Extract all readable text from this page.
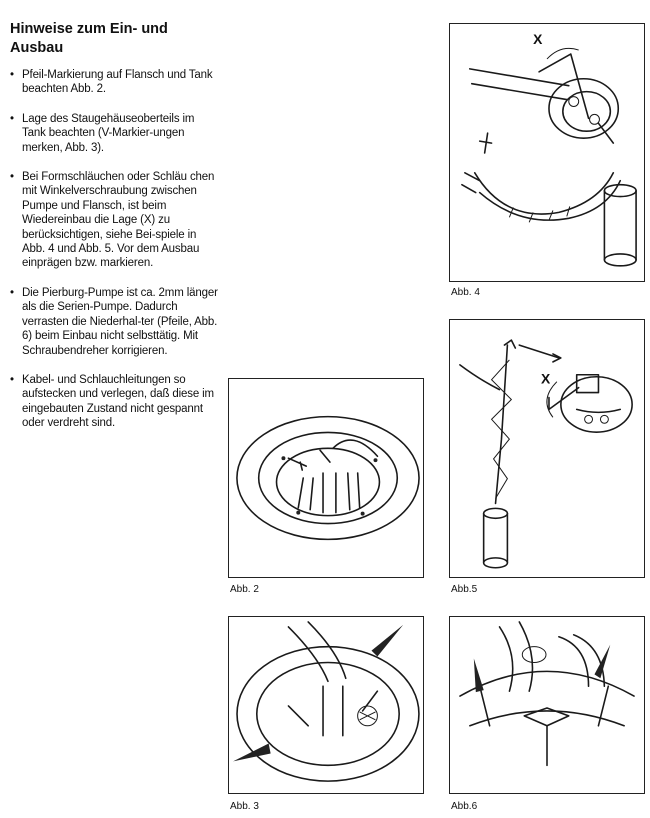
Hinweise zum Ein- und Ausbau
• Pfeil-Markierung auf Flansch und Tank beachten Abb. 2.
• Lage des Staugehäuseoberteils im Tank beachten (V-Markier-ungen merken, Abb. 3).
• Bei Formschläuchen oder Schläu chen mit Winkelverschraubung zwischen Pumpe und Flansch, ist beim Wiedereinbau die Lage (X) zu berücksichtigen, siehe Bei-spiele in Abb. 4 und Abb. 5. Vor dem Ausbau einprägen bzw. markieren.
• Die Pierburg-Pumpe ist ca. 2mm länger als die Serien-Pumpe. Dadurch verrasten die Niederhal-ter (Pfeile, Abb. 6) beim Einbau nicht selbsttätig. Mit Schraubendreher korrigieren.
• Kabel- und Schlauchleitungen so aufstecken und verlegen, daß diese im eingebauten Zustand nicht gespannt oder verdreht sind.
X
Abb. 4
X
Abb.5
Abb. 2
Abb. 3	Abb.6
